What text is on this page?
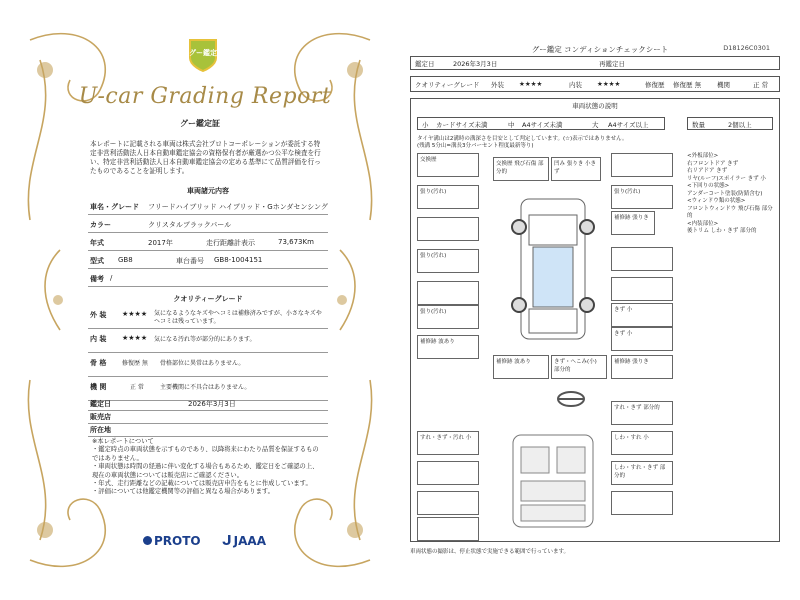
グー鑑定
U-car Grading Report
グー鑑定証
本レポートに記載される車両は株式会社プロトコーポレーションが委託する特定非営利活動法人日本自動車鑑定協会の資格保有者が厳選かつ公平な検査を行い、特定非営利活動法人日本自動車鑑定協会の定める基準にて品質評価を行ったものであることを証明します。
車両諸元内容
車名・グレード フリードハイブリッド ハイブリッド・Gホンダセンシング
カラー	クリスタルブラックパール
年式	2017年	走行距離計表示	73,673Km
型式 GB8	車台番号 GB8-1004151
備考 /
クオリティーグレード
外 装 ★★★★ 気になるようなキズやヘコミは補修済みですが、小さなキズやヘコミは残っています。
内 装 ★★★★ 気になる汚れ等が部分的にあります。
骨 格	修復歴 無 骨格部位に異常はありません。
機 関	正 常	主要機関に不具合はありません。
鑑定日	2026年3月3日
販売店
所在地
※本レポートについて
・鑑定時点の車両状態を示すものであり、以降将来にわたり品質を保証するものではありません。
・車両状態は時間の経過に伴い変化する場合もあるため、鑑定日をご確認の上、現在の車両状態については販売店にご確認ください。
・年式、走行距離などの記載については販売店申告をもとに作成しています。
・評価については他鑑定機関等の評価と異なる場合があります。
PROTO ᒍ JAAA
グー鑑定 コンディションチェックシート	D18126C0301
鑑定日	2026年3月3日	再鑑定日
クオリティーグレード 外装 ★★★★	内装 ★★★★	修復歴 修復歴 無 機関	正 常
車両状態の説明
小 カードサイズ未満	中 A4サイズ未満	大 A4サイズ以上	数量	2個以上
タイヤ溝山は2溝時の溝深さを目安として判定しています。(☆)表示ではありません。
(残溝 5分山=溝長3分バーセント程度最新等り)
交換歴
張り(汚れ)
張り(汚れ)
張り(汚れ)
補修跡 波あり
交換歴 飛び石傷 部分的
凹み 張りき 小きず
補修跡 張りき
補修跡 波あり	きず・へこみ(小) 部分的
張り(汚れ)
きず 小
きず 小
補修跡 張りき
<外板部位>
右フロントドア きず
右リアドア きず
リヤ(ルーフ)スポイラー きず 小
<下回りの状態>
アンダーコート塗装(防錆含む)
<ウィンドウ類の状態>
フロントウィンドウ 飛び石傷 部分的
<内装部位>
後トリム しわ・きず 部分的
すれ・きず・汚れ 小
すれ・きず 部分的
しわ・すれ 小
しわ・すれ・きず 部分的
車両状態の撮影は、停止状態で実施できる範囲で行っています。
